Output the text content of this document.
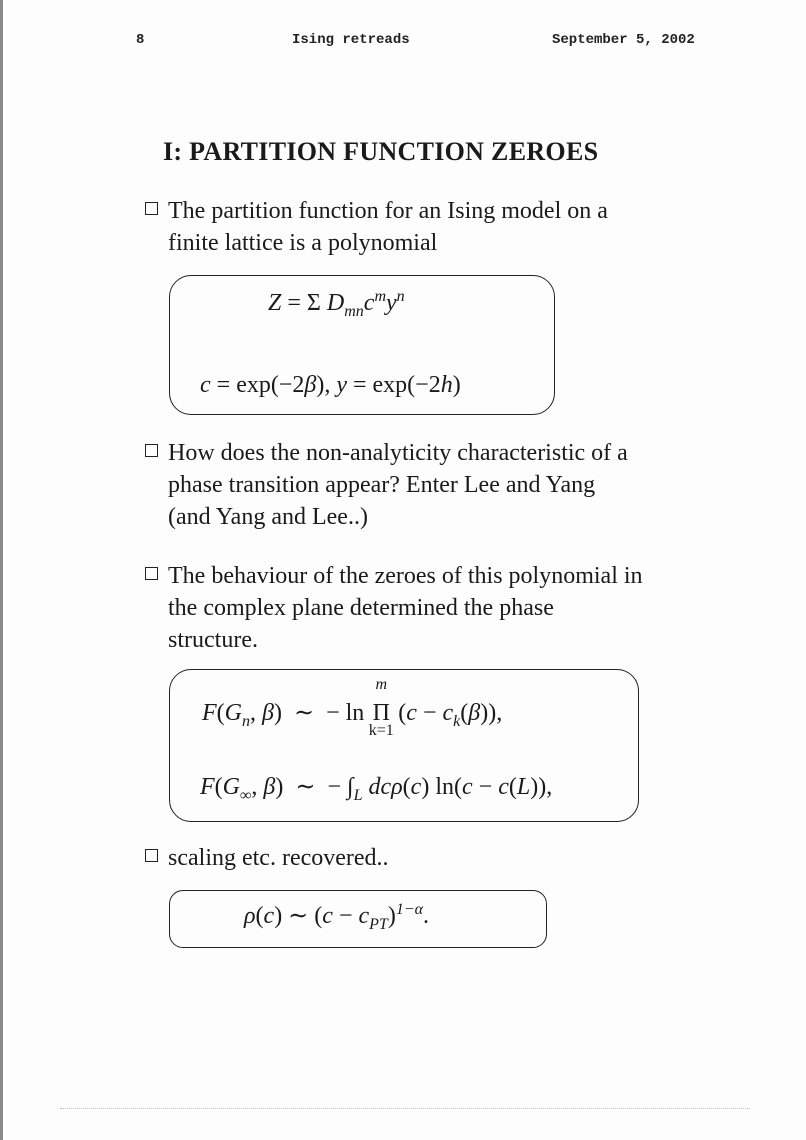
8	Ising retreads	September 5, 2002
I: PARTITION FUNCTION ZEROES
The partition function for an Ising model on a
finite lattice is a polynomial
Z = Σ $D_{mn}c^my^n$
c = exp(−2β), y = exp(−2h)
How does the non-analyticity characteristic of a
phase transition appear? Enter Lee and Yang
(and Yang and Lee..)
The behaviour of the zeroes of this polynomial in
the complex plane determined the phase
structure.
$F(G_n$, β)  ∼  − ln
m
Π
k=1
$(c - c_k(\beta))$,
$F(G_\infty$, β)  ∼  − $\int_L$ dcρ(c) ln(c − c(L)),
scaling etc. recovered..
ρ(c) ∼ $(c - c_{PT})^{1-\alpha}$.
